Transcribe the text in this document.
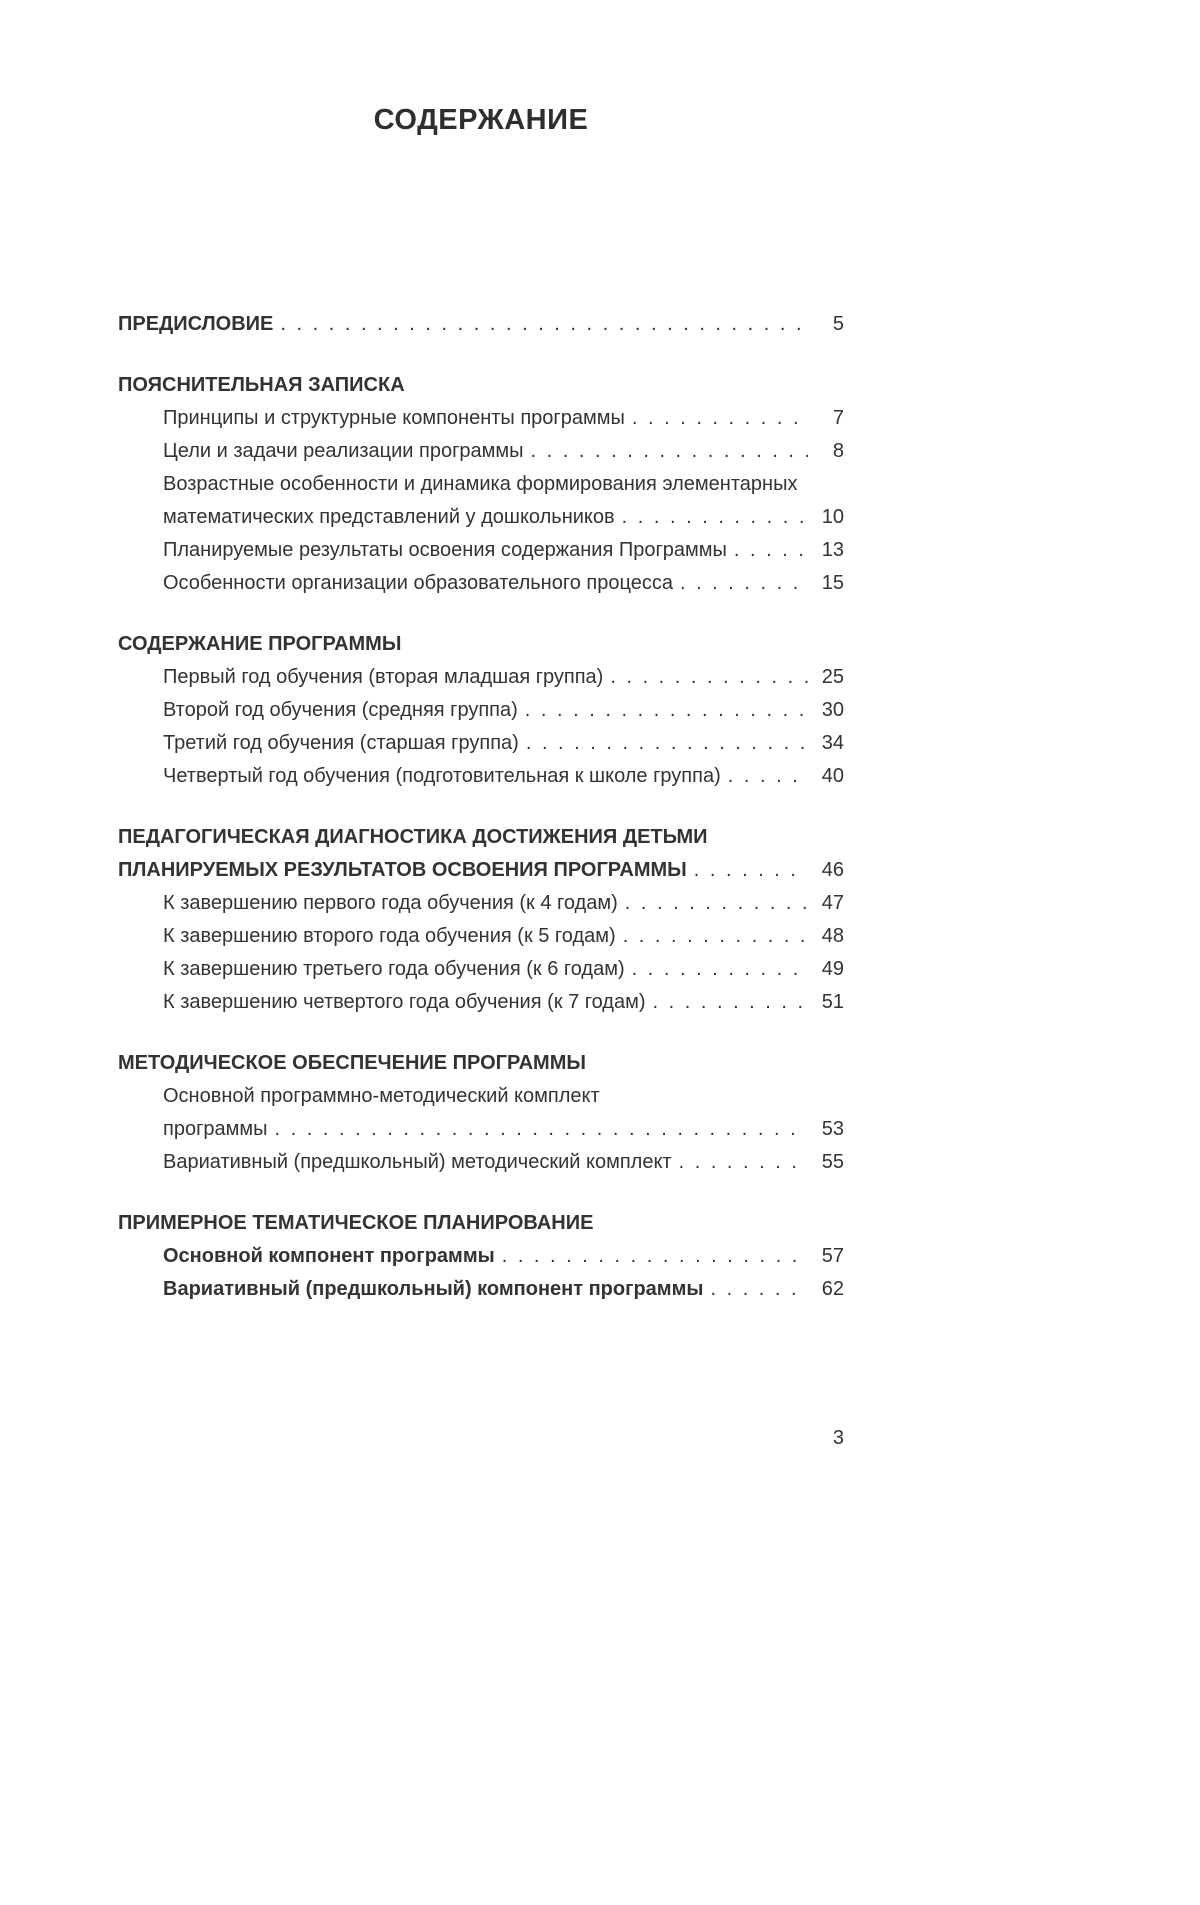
СОДЕРЖАНИЕ
ПРЕДИСЛОВИЕ . . .	5
ПОЯСНИТЕЛЬНАЯ ЗАПИСКА
Принципы и структурные компоненты программы . . .	7
Цели и задачи реализации программы . . .	8
Возрастные особенности и динамика формирования элементарных
математических представлений у дошкольников . . .	10
Планируемые результаты освоения содержания Программы . . .	13
Особенности организации образовательного процесса . . .	15
СОДЕРЖАНИЕ ПРОГРАММЫ
Первый год обучения (вторая младшая группа) . . .	25
Второй год обучения (средняя группа) . . .	30
Третий год обучения (старшая группа) . . .	34
Четвертый год обучения (подготовительная к школе группа) . . .	40
ПЕДАГОГИЧЕСКАЯ ДИАГНОСТИКА ДОСТИЖЕНИЯ ДЕТЬМИ
ПЛАНИРУЕМЫХ РЕЗУЛЬТАТОВ ОСВОЕНИЯ ПРОГРАММЫ . . .	46
К завершению первого года обучения (к 4 годам) . . .	47
К завершению второго года обучения (к 5 годам) . . .	48
К завершению третьего года обучения (к 6 годам) . . .	49
К завершению четвертого года обучения (к 7 годам) . . .	51
МЕТОДИЧЕСКОЕ ОБЕСПЕЧЕНИЕ ПРОГРАММЫ
Основной программно-методический комплект
программы . . .	53
Вариативный (предшкольный) методический комплект . . .	55
ПРИМЕРНОЕ ТЕМАТИЧЕСКОЕ ПЛАНИРОВАНИЕ
Основной компонент программы . . .	57
Вариативный (предшкольный) компонент программы . . .	62
3
